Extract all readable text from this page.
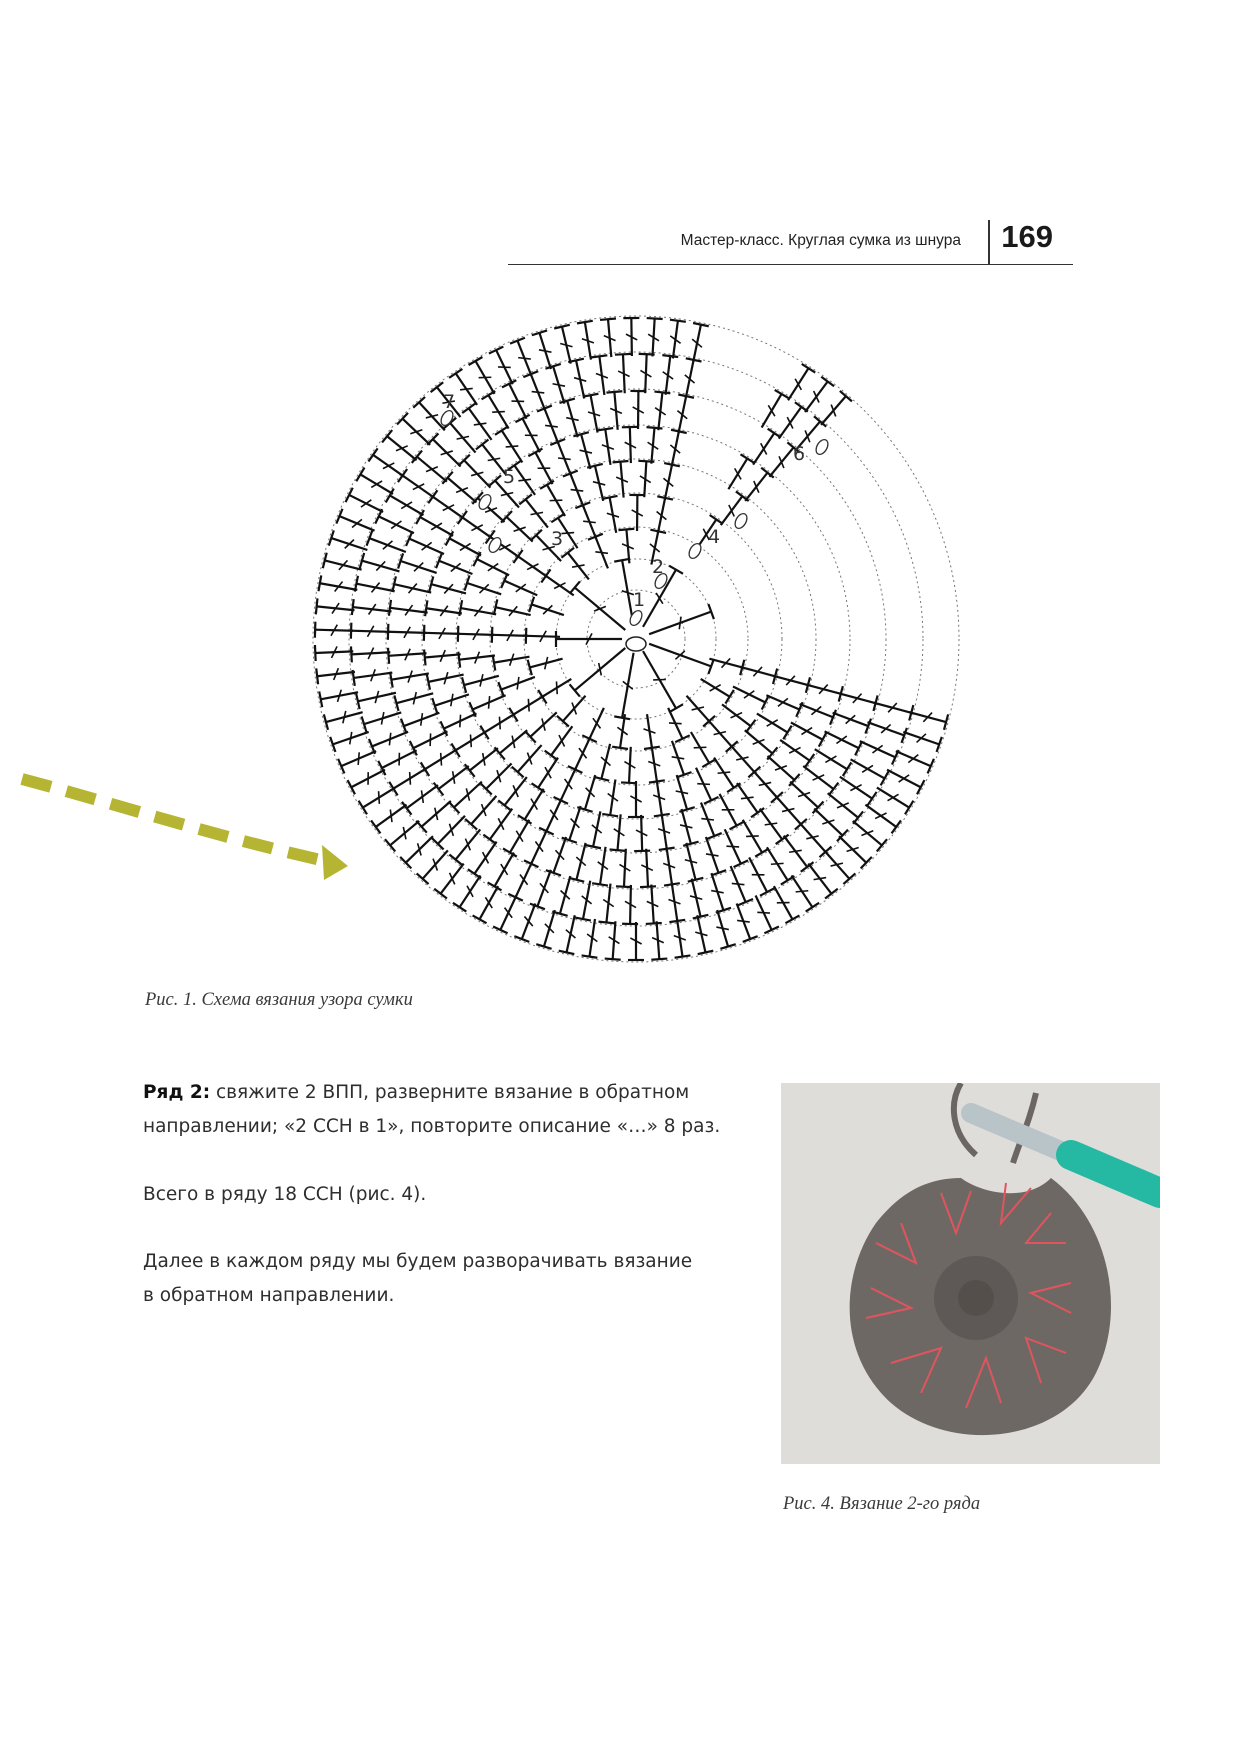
Мастер-класс. Круглая сумка из шнура 169
1
2
3	4
5
6
7
Рис. 1. Схема вязания узора сумки

Ряд 2: свяжите 2 ВПП, разверните вязание в обратном
направлении; «2 ССН в 1», повторите описание «…» 8 раз.

Всего в ряду 18 ССН (рис. 4).

Далее в каждом ряду мы будем разворачивать вязание
в обратном направлении.

Рис. 4. Вязание 2-го ряда
